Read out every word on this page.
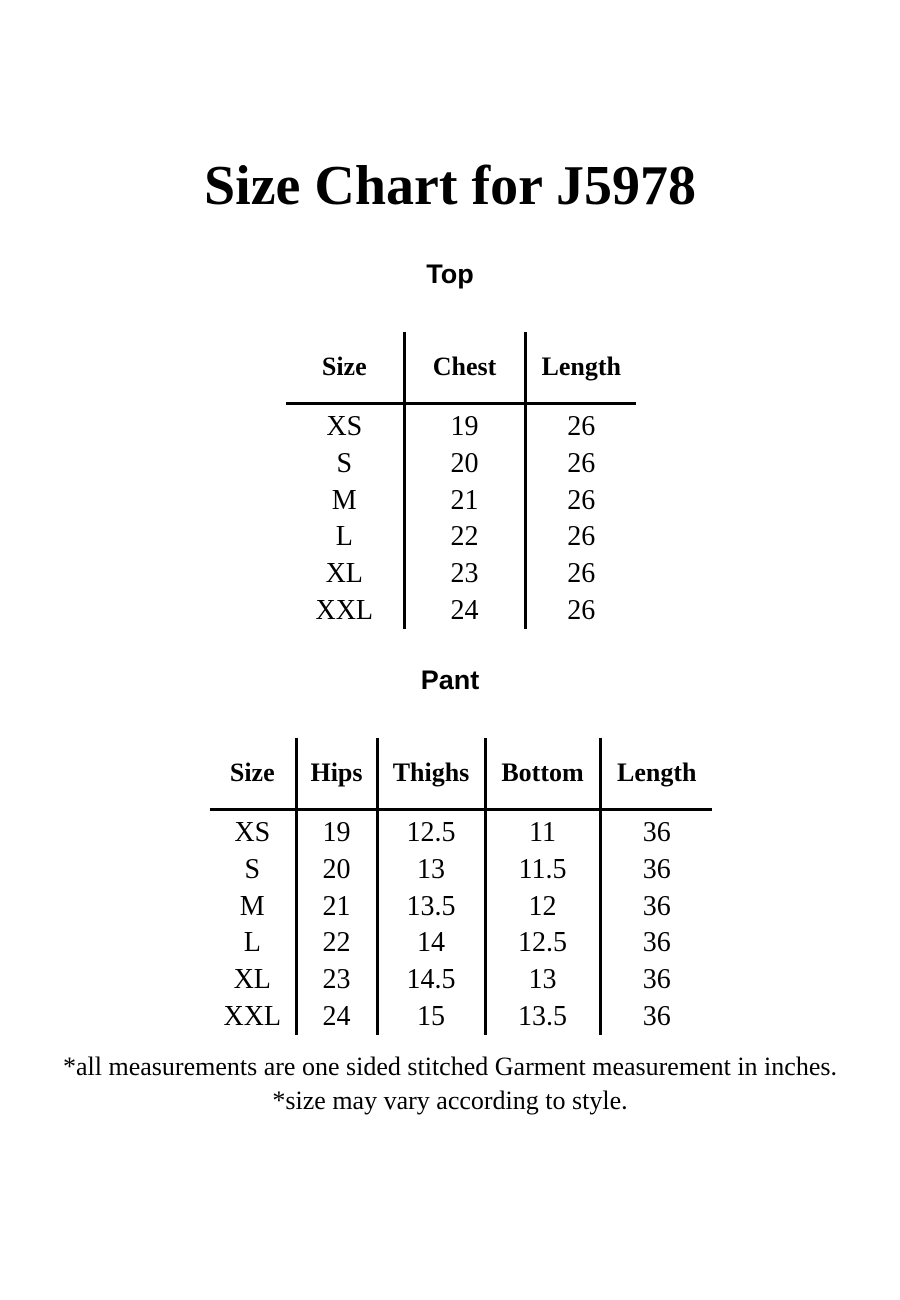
Size Chart for J5978
Top
Size	Chest	Length

XS	19	26
S	20	26
M	21	26
L	22	26
XL	23	26
XXL	24	26
Pant
Size	Hips	Thighs	Bottom	Length

XS	19	12.5	11	36
S	20	13	11.5	36
M	21	13.5	12	36
L	22	14	12.5	36
XL	23	14.5	13	36
XXL	24	15	13.5	36
*all measurements are one sided stitched Garment measurement in inches.
*size may vary according to style.
